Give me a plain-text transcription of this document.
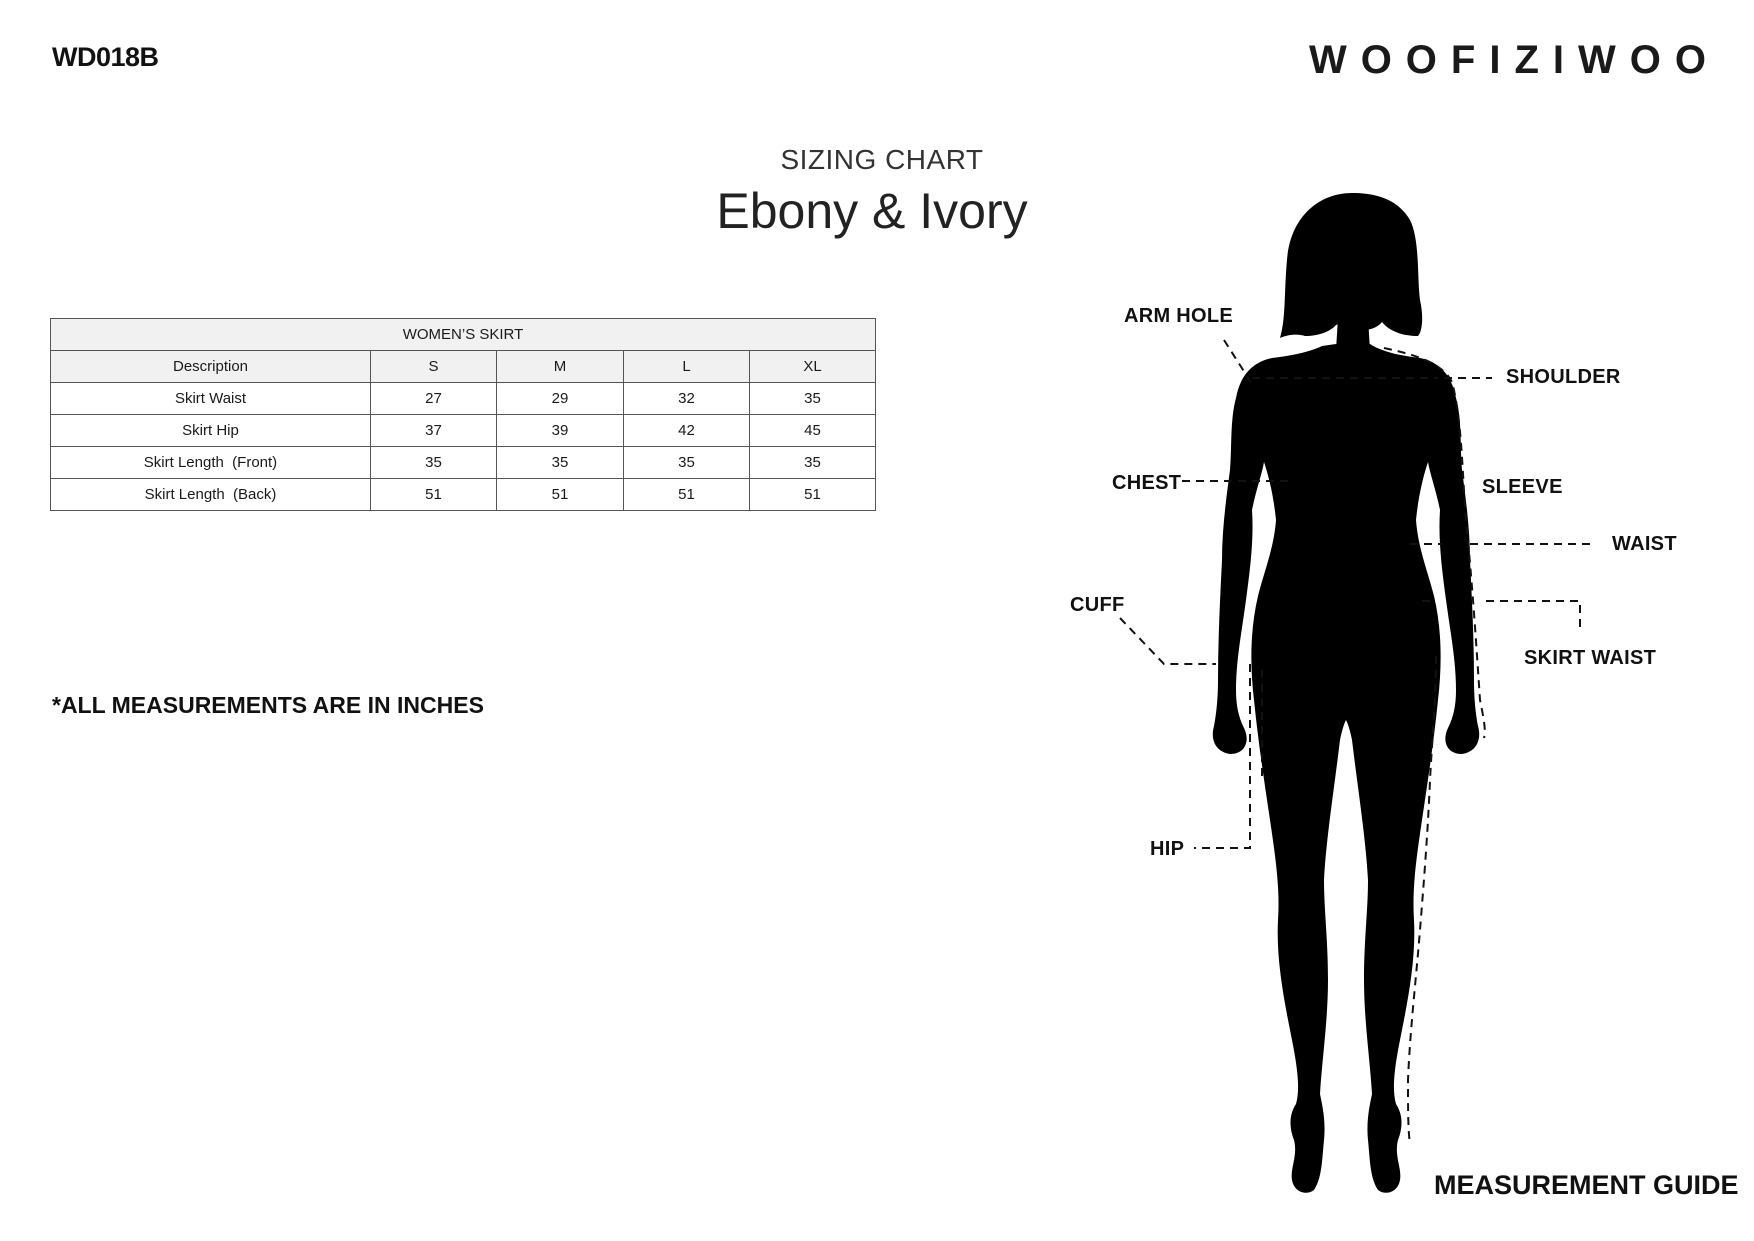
WD018B	WOOFIZIWOO
SIZING CHART
Ebony & Ivory
WOMEN’S SKIRT				
Description	S	M	L	XL
Skirt Waist	27	29	32	35
Skirt Hip	37	39	42	45
Skirt Length  (Front)	35	35	35	35
Skirt Length  (Back)	51	51	51	51
*ALL MEASUREMENTS ARE IN INCHES
ARM HOLE
SHOULDER
CHEST	SLEEVE
WAIST
CUFF
SKIRT WAIST
HIP
MEASUREMENT GUIDE
